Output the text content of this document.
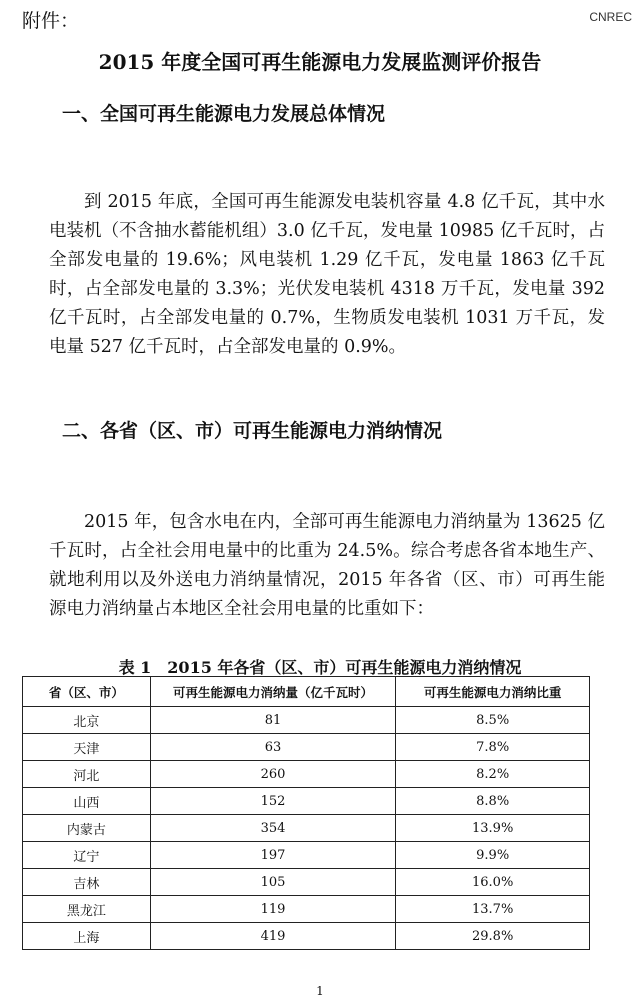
CNREC
附件：
2015 年度全国可再生能源电力发展监测评价报告
一、全国可再生能源电力发展总体情况

到 2015 年底，全国可再生能源发电装机容量 4.8 亿千瓦，其中水电装机（不含抽水蓄能机组）3.0 亿千瓦，发电量 10985 亿千瓦时，占全部发电量的 19.6%；风电装机 1.29 亿千瓦，发电量 1863 亿千瓦时，占全部发电量的 3.3%；光伏发电装机 4318 万千瓦，发电量 392 亿千瓦时，占全部发电量的 0.7%，生物质发电装机 1031 万千瓦，发电量 527 亿千瓦时，占全部发电量的 0.9%。

二、各省（区、市）可再生能源电力消纳情况

2015 年，包含水电在内，全部可再生能源电力消纳量为 13625 亿千瓦时，占全社会用电量中的比重为 24.5%。综合考虑各省本地生产、就地利用以及外送电力消纳量情况，2015 年各省（区、市）可再生能源电力消纳量占本地区全社会用电量的比重如下：

表 1　2015 年各省（区、市）可再生能源电力消纳情况
省（区、市）	可再生能源电力消纳量（亿千瓦时）	可再生能源电力消纳比重
北京	81	8.5%
天津	63	7.8%
河北	260	8.2%
山西	152	8.8%
内蒙古	354	13.9%
辽宁	197	9.9%
吉林	105	16.0%
黑龙江	119	13.7%
上海	419	29.8%
1
